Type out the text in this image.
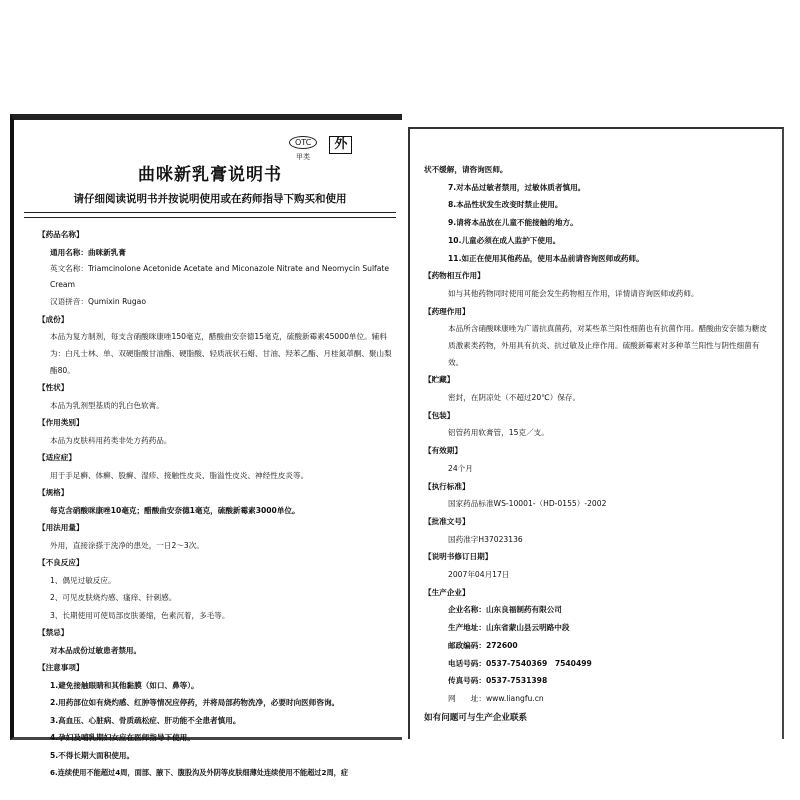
OTC
甲类
外
曲咪新乳膏说明书
请仔细阅读说明书并按说明使用或在药师指导下购买和使用
【药品名称】
通用名称：曲咪新乳膏
英文名称：Triamcinolone Acetonide Acetate and Miconazole Nitrate and Neomycin Sulfate Cream
汉语拼音：Qumixin Rugao
【成份】
本品为复方制剂，每支含硝酸咪康唑150毫克，醋酸曲安奈德15毫克，硫酸新霉素45000单位。辅料为：白凡士林、单、双硬脂酸甘油酯、硬脂酸、轻质液状石蜡、甘油、羟苯乙酯、月桂氮䓬酮、聚山梨酯80。
【性状】
本品为乳剂型基质的乳白色软膏。
【作用类别】
本品为皮肤科用药类非处方药药品。
【适应症】
用于手足癣、体癣、股癣、湿疹、接触性皮炎、脂溢性皮炎、神经性皮炎等。
【规格】
每克含硝酸咪康唑10毫克；醋酸曲安奈德1毫克，硫酸新霉素3000单位。
【用法用量】
外用，直接涂搽于洗净的患处，一日2～3次。
【不良反应】
1、偶见过敏反应。
2、可见皮肤烧灼感、瘙痒、针刺感。
3、长期使用可使局部皮肤萎缩，色素沉着，多毛等。
【禁忌】
对本品成份过敏患者禁用。
【注意事项】
1.避免接触眼睛和其他黏膜（如口、鼻等）。
2.用药部位如有烧灼感、红肿等情况应停药，并将局部药物洗净，必要时向医师咨询。
3.高血压、心脏病、骨质疏松症、肝功能不全患者慎用。
4.孕妇及哺乳期妇女应在医师指导下使用。
5.不得长期大面积使用。
6.连续使用不能超过4周，面部、腋下、腹股沟及外阴等皮肤细薄处连续使用不能超过2周，症
状不缓解，请咨询医师。
7.对本品过敏者禁用，过敏体质者慎用。
8.本品性状发生改变时禁止使用。
9.请将本品放在儿童不能接触的地方。
10.儿童必须在成人监护下使用。
11.如正在使用其他药品，使用本品前请咨询医师或药师。
【药物相互作用】
如与其他药物同时使用可能会发生药物相互作用，详情请咨询医师或药师。
【药理作用】
本品所含硝酸咪康唑为广谱抗真菌药，对某些革兰阳性细菌也有抗菌作用。醋酸曲安奈德为糖皮质激素类药物，外用具有抗炎、抗过敏及止痒作用。硫酸新霉素对多种革兰阳性与阴性细菌有效。
【贮藏】
密封，在阴凉处（不超过20℃）保存。
【包装】
铝管药用软膏管，15克／支。
【有效期】
24个月
【执行标准】
国家药品标准WS-10001-（HD-0155）-2002
【批准文号】
国药准字H37023136
【说明书修订日期】
2007年04月17日
【生产企业】
企业名称：山东良福制药有限公司
生产地址：山东省蒙山县云明路中段
邮政编码：272600
电话号码：0537-7540369　7540499
传真号码：0537-7531398
网　　址：www.liangfu.cn
如有问题可与生产企业联系
